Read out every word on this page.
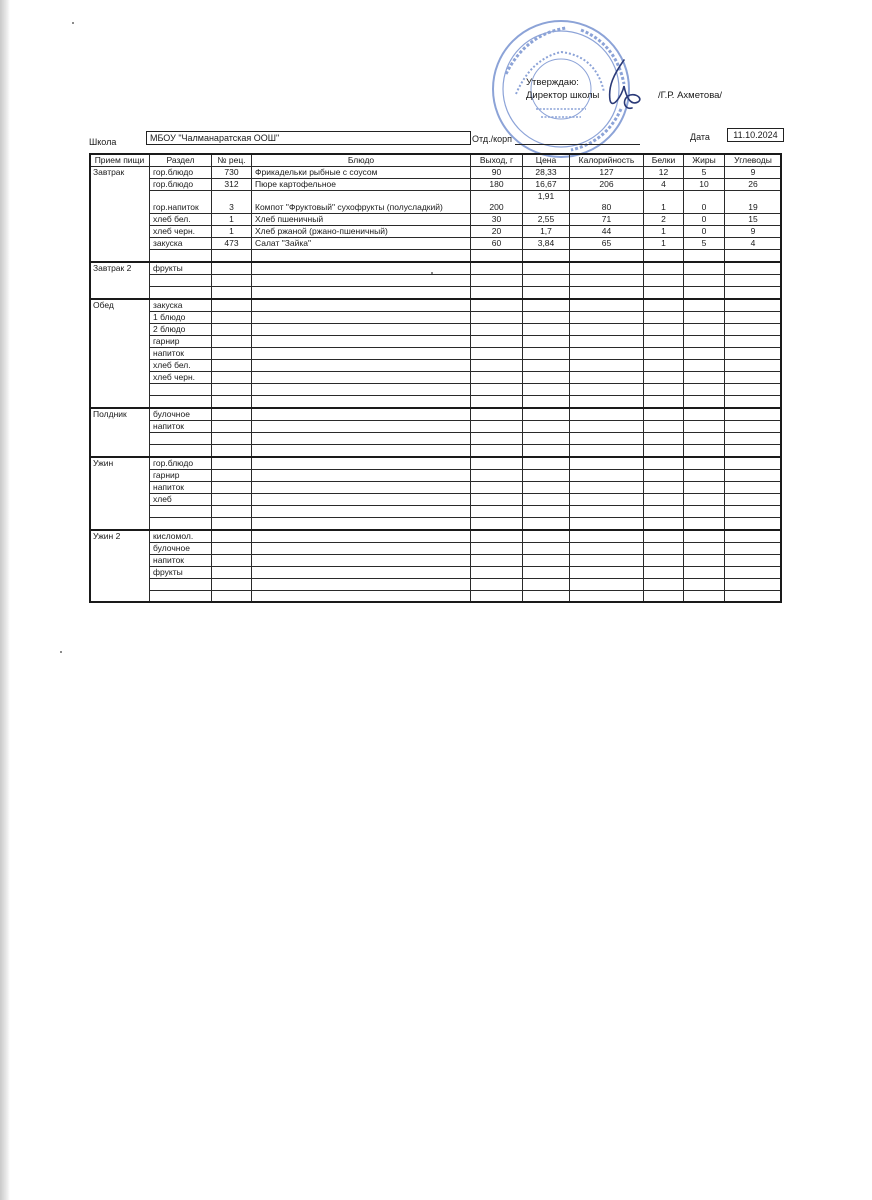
Утверждаю:
Директор школы	/Г.Р. Ахметова/
Школа	МБОУ "Чалманаратская ООШ"	Отд./корп	Дата	11.10.2024
Прием пищи	Раздел	№ рец.	Блюдо	Выход, г	Цена	Калорийность	Белки	Жиры	Углеводы
Завтрак	гор.блюдо	730	Фрикадельки рыбные с соусом	90	28,33	127	12	5	9
	гор.блюдо	312	Пюре картофельное	180	16,67	206	4	10	26
	гор.напиток	3	Компот "Фруктовый" сухофрукты (полусладкий)	200	1,91	80	1	0	19
	хлеб бел.	1	Хлеб пшеничный	30	2,55	71	2	0	15
	хлеб черн.	1	Хлеб ржаной (ржано-пшеничный)	20	1,7	44	1	0	9
	закуска	473	Салат "Зайка"	60	3,84	65	1	5	4

Завтрак 2	фрукты								

Обед	закуска								
	1 блюдо								
	2 блюдо								
	гарнир								
	напиток								
	хлеб бел.								
	хлеб черн.								

Полдник	булочное								
	напиток								

Ужин	гор.блюдо								
	гарнир								
	напиток								
	хлеб								

Ужин 2	кисломол.								
	булочное								
	напиток								
	фрукты								
